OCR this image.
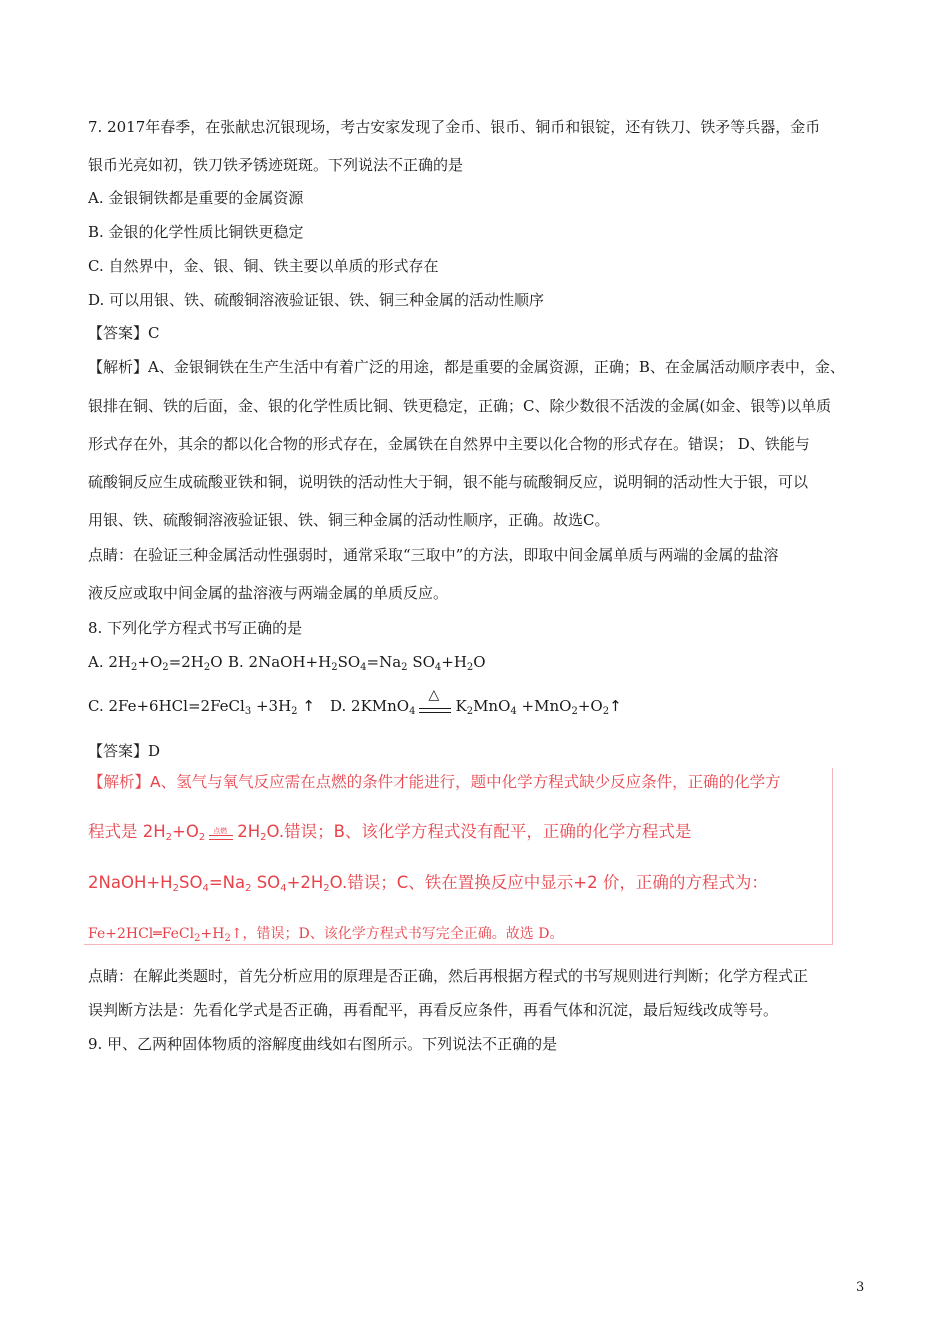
7. 2017年春季，在张献忠沉银现场，考古安家发现了金币、银币、铜币和银锭，还有铁刀、铁矛等兵器，金币
银币光亮如初，铁刀铁矛锈迹斑斑。下列说法不正确的是
A. 金银铜铁都是重要的金属资源
B. 金银的化学性质比铜铁更稳定
C. 自然界中，金、银、铜、铁主要以单质的形式存在
D. 可以用银、铁、硫酸铜溶液验证银、铁、铜三种金属的活动性顺序
【答案】C
【解析】A、金银铜铁在生产生活中有着广泛的用途，都是重要的金属资源，正确；B、在金属活动顺序表中，金、
银排在铜、铁的后面，金、银的化学性质比铜、铁更稳定，正确；C、除少数很不活泼的金属(如金、银等)以单质
形式存在外，其余的都以化合物的形式存在，金属铁在自然界中主要以化合物的形式存在。错误； D、铁能与
硫酸铜反应生成硫酸亚铁和铜，说明铁的活动性大于铜，银不能与硫酸铜反应，说明铜的活动性大于银，可以
用银、铁、硫酸铜溶液验证银、铁、铜三种金属的活动性顺序，正确。故选C。
点睛：在验证三种金属活动性强弱时，通常采取“三取中”的方法，即取中间金属单质与两端的金属的盐溶
液反应或取中间金属的盐溶液与两端金属的单质反应。
8. 下列化学方程式书写正确的是
A. $2H_2+O_2=2H_2O$ B. $2NaOH+H_2SO_4=Na_2$ $SO_4+H_2O$
C. 2Fe+6HCl=2FeCl$_3$ $+3H_2$ ↑ D. 2KMnO$_4$
△
$K_2MnO_4$ $+MnO_2+O_2↑$
【答案】D
【解析】A、氢气与氧气反应需在点燃的条件才能进行，题中化学方程式缺少反应条件，正确的化学方
程式是 $2H_2+O_2$
点燃 $2H_2O$.错误；B、该化学方程式没有配平，正确的化学方程式是
$2NaOH+H_2SO_4=Na_2$ $SO_4+2H_2O$.错误；C、铁在置换反应中显示+2 价，正确的方程式为：
$Fe+2HCl═FeCl_2+H_2↑$，错误；D、该化学方程式书写完全正确。故选 D。
点睛：在解此类题时，首先分析应用的原理是否正确，然后再根据方程式的书写规则进行判断；化学方程式正
误判断方法是：先看化学式是否正确，再看配平，再看反应条件，再看气体和沉淀，最后短线改成等号。
9. 甲、乙两种固体物质的溶解度曲线如右图所示。下列说法不正确的是
3
